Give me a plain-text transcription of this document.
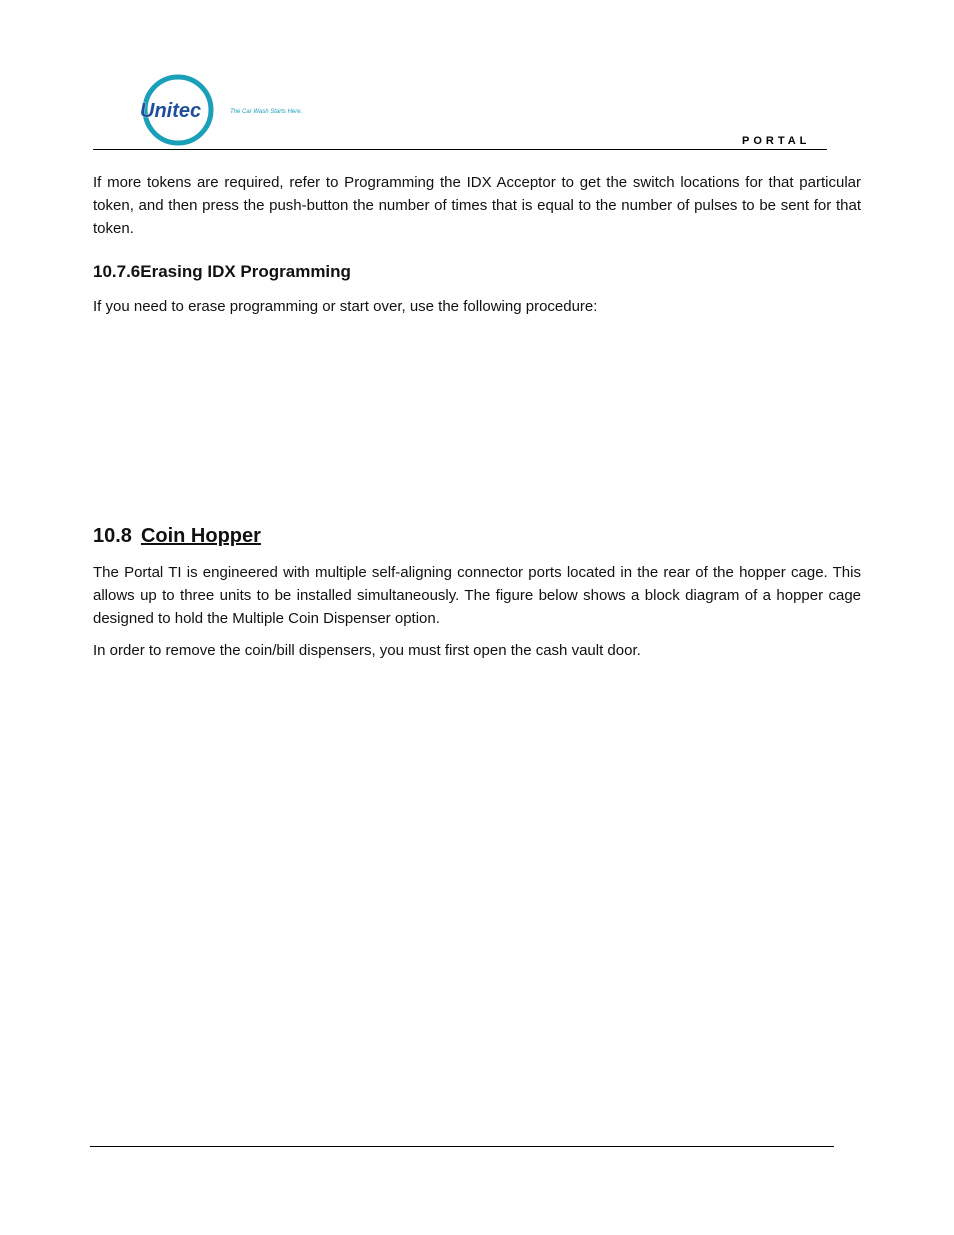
Unitec	The Car Wash Starts Here.
PORTAL

If more tokens are required, refer to Programming the IDX Acceptor to get the switch locations for that particular token, and then press the push-button the number of times that is equal to the number of pulses to be sent for that token.

10.7.6Erasing IDX Programming

If you need to erase programming or start over, use the following procedure:

10.8 Coin Hopper

The Portal TI is engineered with multiple self-aligning connector ports located in the rear of the hopper cage. This allows up to three units to be installed simultaneously. The figure below shows a block diagram of a hopper cage designed to hold the Multiple Coin Dispenser option.

In order to remove the coin/bill dispensers, you must first open the cash vault door.
